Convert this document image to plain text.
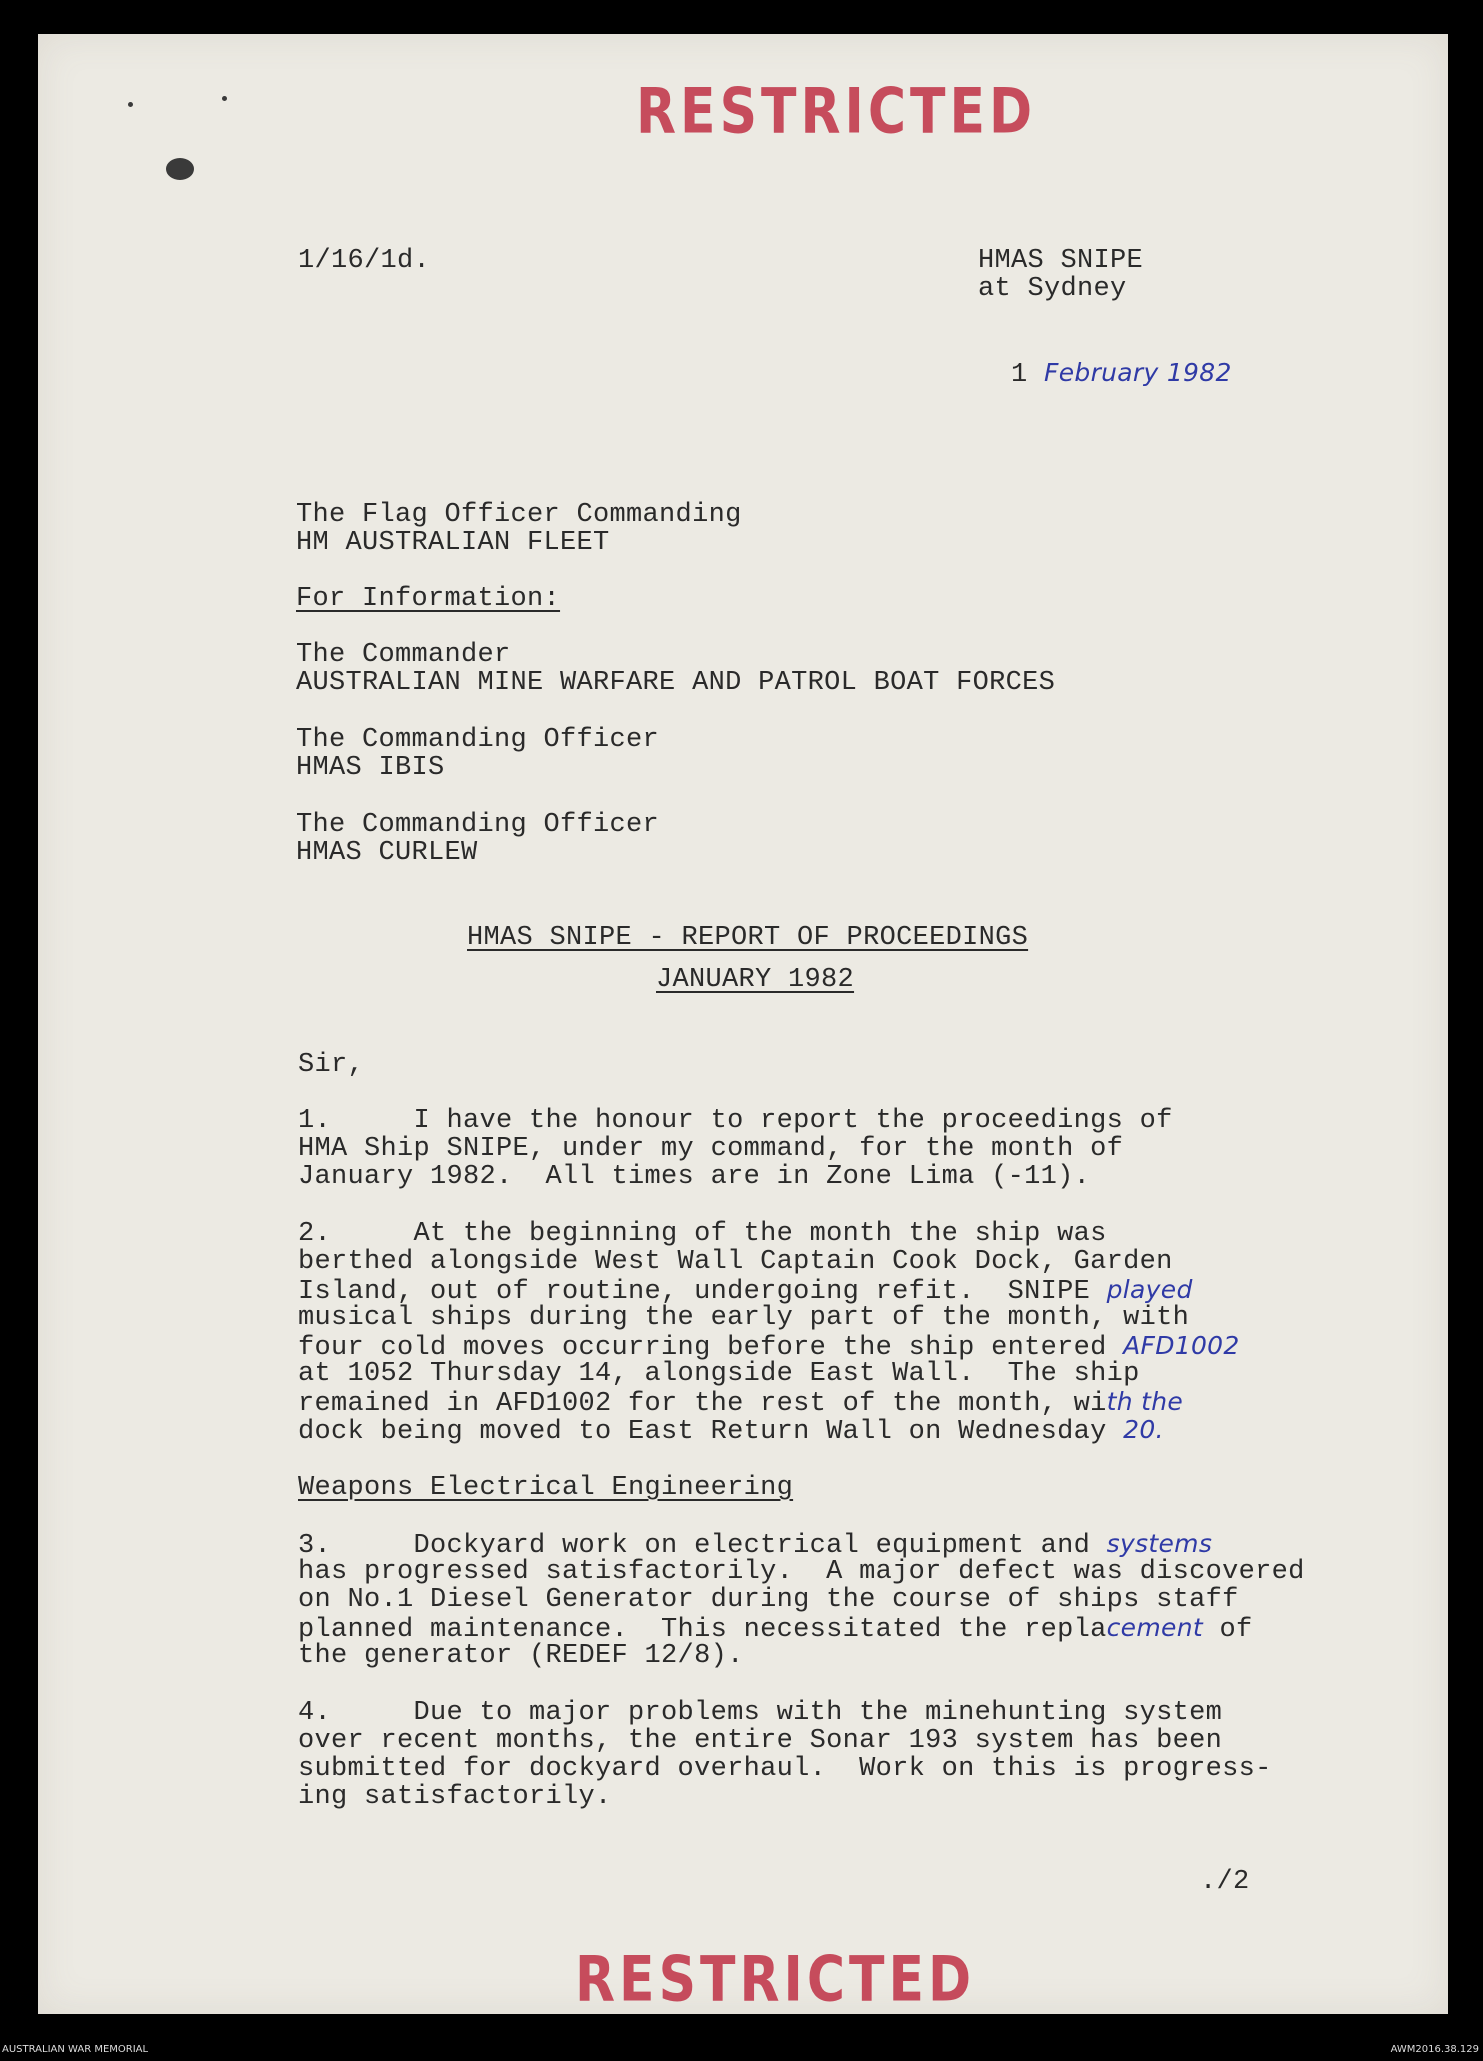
RESTRICTED
1/16/1d.	HMAS SNIPE
at Sydney

1 February 1982

The Flag Officer Commanding
HM AUSTRALIAN FLEET
For Information:
The Commander
AUSTRALIAN MINE WARFARE AND PATROL BOAT FORCES
The Commanding Officer
HMAS IBIS
The Commanding Officer
HMAS CURLEW
HMAS SNIPE - REPORT OF PROCEEDINGS
JANUARY 1982
Sir,
1.     I have the honour to report the proceedings of
HMA Ship SNIPE, under my command, for the month of
January 1982.  All times are in Zone Lima (-11).
2.     At the beginning of the month the ship was
berthed alongside West Wall Captain Cook Dock, Garden
Island, out of routine, undergoing refit.  SNIPE played
musical ships during the early part of the month, with
four cold moves occurring before the ship entered AFD1002
at 1052 Thursday 14, alongside East Wall.  The ship
remained in AFD1002 for the rest of the month, with the
dock being moved to East Return Wall on Wednesday 20.
Weapons Electrical Engineering
3.     Dockyard work on electrical equipment and systems
has progressed satisfactorily.  A major defect was discovered
on No.1 Diesel Generator during the course of ships staff
planned maintenance.  This necessitated the replacement of
the generator (REDEF 12/8).
4.     Due to major problems with the minehunting system
over recent months, the entire Sonar 193 system has been
submitted for dockyard overhaul.  Work on this is progress-
ing satisfactorily.
./2
RESTRICTED
AUSTRALIAN WAR MEMORIAL	AWM2016.38.129
